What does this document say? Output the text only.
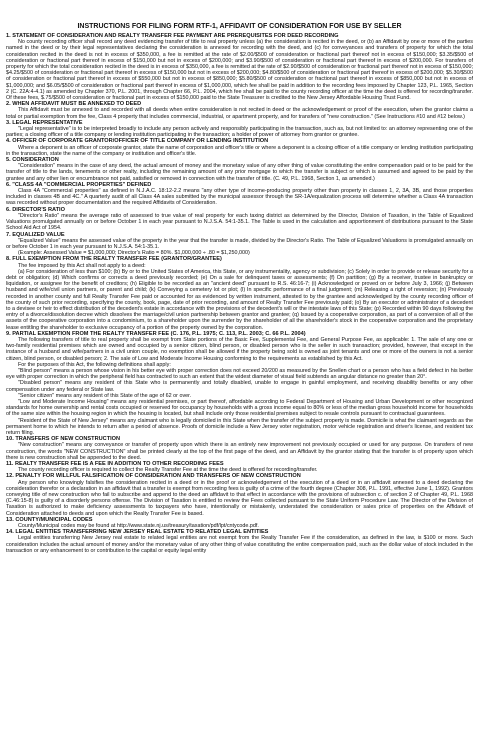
INSTRUCTIONS FOR FILING FORM RTF-1, AFFIDAVIT OF CONSIDERATION FOR USE BY SELLER
1. STATEMENT OF CONSIDERATION AND REALTY TRANSFER FEE PAYMENT ARE PREREQUISITES FOR DEED RECORDING
No county recording officer shall record any deed evidencing transfer of title to real property unless (a) the consideration is recited in the deed, or (b) an Affidavit by one or more of the parties named in the deed or by their legal representatives declaring the consideration is annexed for recording with the deed, and (c) for conveyances and transfers of property for which the total consideration recited in the deed is not in excess of $350,000, a fee is remitted at the rate of $2.00/$500 of consideration or fractional part thereof not in excess of $150,000; $3.35/$500 of consideration or fractional part thereof in excess of $150,000 but not in excess of $200,000; and $3.90/$500 of consideration or fractional part thereof in excess of $200,000. For transfers of property for which the total consideration recited in the deed is in excess of $350,000, a fee is remitted at the rate of $2.90/$500 of consideration or fractional part thereof not in excess of $150,000; $4.25/$500 of consideration or fractional part thereof in excess of $150,000 but not in excess of $200,000; $4.80/$500 of consideration or fractional part thereof in excess of $200,000; $5.30/$500 of consideration or fractional part thereof in excess of $550,000 but not in excess of $850,000; $5.80/$500 of consideration or fractional part thereof in excess of $850,000 but not in excess of $1,000,000; and $6.05/$500 of consideration or fractional part thereof in excess of $1,000,000, which fee shall be paid in addition to the recording fees imposed by Chapter 123, P.L. 1965, Section 2 (C. 22A:4-4.1) as amended by Chapter 370, P.L. 2001, through Chapter 66, P.L. 2004, which fee shall be paid to the county recording officer at the time the deed is offered for recording/transfer. Of these fees, $.75/$500 of consideration or fractional part in excess of $150,000 paid to the State Treasurer is credited to the New Jersey Affordable Housing Trust Fund.
2. WHEN AFFIDAVIT MUST BE ANNEXED TO DEED
This Affidavit must be annexed to and recorded with all deeds when entire consideration is not recited in deed or the acknowledgement or proof of the execution, when the grantor claims a total or partial exemption from the fee, Class 4 property that includes commercial, industrial, or apartment property, and for transfers of "new construction." (See Instructions #10 and #12 below.)
3. LEGAL REPRESENTATIVE
"Legal representative" is to be interpreted broadly to include any person actively and responsibly participating in the transaction, such as, but not limited to: an attorney representing one of the parties; a closing officer of a title company or lending institution participating in the transaction; a holder of power of attorney from grantor or grantee.
4. OFFICER OF CORPORATE GRANTOR/OFFICER OF TITLE COMPANY OR LENDING INSTITUTION
Where a deponent is an officer of corporate grantor, state the name of corporation and officer's title or where a deponent is a closing officer of a title company or lending institution participating in the transaction, state the name of the company or institution and officer's title.
5. CONSIDERATION
"Consideration" means in the case of any deed, the actual amount of money and the monetary value of any other thing of value constituting the entire compensation paid or to be paid for the transfer of title to the lands, tenements or other realty, including the remaining amount of any prior mortgage to which the transfer is subject or which is assumed and agreed to be paid by the grantee and any other lien or encumbrance not paid, satisfied or removed in connection with the transfer of title. (C. 49, P.L. 1968, Section 1, as amended.)
6. "CLASS 4A "COMMERCIAL PROPERTIES" DEFINED
Class 4A "Commercial properties" as defined in N.J.A.C. 18:12-2.2 means "any other type of income-producing property other than property in classes 1, 2, 3A, 3B, and those properties included in classes 4B and 4C." A quarterly audit of all Class 4A sales submitted by the municipal assessor through the SR-1A/equalization process will determine whether a Class 4A transaction was recorded without proper documentation and the required Affidavits of Consideration.
6. DIRECTOR'S RATIO
"Director's Ratio" means the average ratio of assessed to true value of real property for each taxing district as determined by the Director, Division of Taxation, in the Table of Equalized Valuations promulgated annually on or before October 1 in each year pursuant to N.J.S.A. 54:1-35.1. The Table is used in the calculation and apportionment of distributions pursuant to the State School Aid Act of 1954.
7. EQUALIZED VALUE
"Equalized Value" means the assessed value of the property in the year that the transfer is made, divided by the Director's Ratio. The Table of Equalized Valuations is promulgated annually on or before October 1 in each year pursuant to N.J.S.A. 54:1-35.1.
(Example: Assessed Value = $1,000,000; Director's Ratio = 80%. $1,000,000 ÷ .80 = $1,250,000)
8. FULL EXEMPTION FROM THE REALTY TRANSFER FEE (GRANTOR/GRANTEE)
The fee imposed by this Act shall not apply to a deed:
(a) For consideration of less than $100; (b) By or to the United States of America, this State, or any instrumentality, agency or subdivision; (c) Solely in order to provide or release security for a debt or obligation; (d) Which confirms or corrects a deed previously recorded; (e) On a sale for delinquent taxes or assessments; (f) On partition; (g) By a receiver, trustee in bankruptcy or liquidation, or assignee for the benefit of creditors; (h) Eligible to be recorded as an "ancient deed" pursuant to R.S. 46:16-7; (i) Acknowledged or proved on or before July 3, 1966; (j) Between husband and wife/civil union partners, or parent and child; (k) Conveying a cemetery lot or plot; (l) In specific performance of a final judgment; (m) Releasing a right of reversion; (n) Previously recorded in another county and full Realty Transfer Fee paid or accounted for as evidenced by written instrument, attested to by the grantee and acknowledged by the county recording officer of the county of such prior recording, specifying the county, book, page, date of prior recording, and amount of Realty Transfer Fee previously paid; (o) By an executor or administrator of a decedent to a devisee or heir to effect distribution of the decedent's estate in accordance with the provisions of the decedent's will or the intestate laws of this State; (p) Recorded within 90 days following the entry of a divorce/dissolution decree which dissolves the marriage/civil union partnership between grantor and grantee; (q) Issued by a cooperative corporation, as part of a conversion of all of the assets of the cooperative corporation into a condominium, to a shareholder upon the surrender by the shareholder of all the shareholder's stock in the cooperative corporation and the proprietary lease entitling the shareholder to exclusive occupancy of a portion of the property owned by the corporation.
9. PARTIAL EXEMPTION FROM THE REALTY TRANSFER FEE (C. 176, P.L. 1975; C. 113, P.L. 2003; C. 66 P.L. 2004)
The following transfers of title to real property shall be exempt from State portions of the Basic Fee, Supplemental Fee, and General Purpose Fee, as applicable: 1. The sale of any one or two-family residential premises which are owned and occupied by a senior citizen, blind person, or disabled person who is the seller in such transaction; provided, however, that except in the instance of a husband and wife/partners in a civil union couple, no exemption shall be allowed if the property being sold is owned as joint tenants and one or more of the owners is not a senior citizen, blind person, or disabled person; 2. The sale of Low and Moderate Income Housing conforming to the requirements as established by this Act.
For the purposes of this Act, the following definitions shall apply:
"Blind person" means a person whose vision in his better eye with proper correction does not exceed 20/200 as measured by the Snellen chart or a person who has a field defect in his better eye with proper correction in which the peripheral field has contracted to such an extent that the widest diameter of visual field subtends an angular distance no greater than 20°.
"Disabled person" means any resident of this State who is permanently and totally disabled, unable to engage in gainful employment, and receiving disability benefits or any other compensation under any federal or State law.
"Senior citizen" means any resident of this State of the age of 62 or over.
"Low and Moderate Income Housing" means any residential premises, or part thereof, affordable according to Federal Department of Housing and Urban Development or other recognized standards for home ownership and rental costs occupied or reserved for occupancy by households with a gross income equal to 80% or less of the median gross household income for households of the same size within the housing region in which the housing is located, but shall include only those residential premises subject to resale controls pursuant to contractual guarantees.
"Resident of the State of New Jersey" means any claimant who is legally domiciled in this State when the transfer of the subject property is made. Domicile is what the claimant regards as the permanent home to which he intends to return after a period of absence. Proofs of domicile include a New Jersey voter registration, motor vehicle registration and driver's license, and resident tax return filing.
10. TRANSFERS OF NEW CONSTRUCTION
"New construction" means any conveyance or transfer of property upon which there is an entirely new improvement not previously occupied or used for any purpose. On transfers of new construction, the words "NEW CONSTRUCTION" shall be printed clearly at the top of the first page of the deed, and an Affidavit by the grantor stating that the transfer is of property upon which there is new construction shall be appended to the deed.
11. REALTY TRANSFER FEE IS A FEE IN ADDITION TO OTHER RECORDING FEES
The county recording officer is required to collect the Realty Transfer Fee at the time the deed is offered for recording/transfer.
12. PENALTY FOR WILLFUL FALSIFICATION OF CONSIDERATION AND TRANSFERS OF NEW CONSTRUCTION
Any person who knowingly falsifies the consideration recited in a deed or in the proof or acknowledgement of the execution of a deed or in an affidavit annexed to a deed declaring the consideration therefor or a declaration in an affidavit that a transfer is exempt from recording fees is guilty of a crime of the fourth degree (Chapter 308, P.L. 1991, effective June 1, 1992). Grantors conveying title of new construction who fail to subscribe and append to the deed an affidavit to that effect in accordance with the provisions of subsection c. of section 2 of Chapter 49, P.L. 1968 (C.46:15-8) is guilty of a disorderly persons offense. The Division of Taxation is entitled to review the Fees collected pursuant to the State Uniform Procedure Law. The Director of the Division of Taxation is authorized to make deficiency assessments to taxpayers who have, intentionally or mistakenly, understated the consideration or sales price of properties on the Affidavit of Consideration attached to deeds and upon which the Realty Transfer Fee is based.
13. COUNTY/MUNICIPAL CODES
County/Municipal codes may be found at http://www.state.nj.us/treasury/taxation/pdf/lpt/cntycode.pdf.
14. LEGAL ENTITIES TRANSFERRING NEW JERSEY REAL ESTATE TO RELATED LEGAL ENTITIES
Legal entities transferring New Jersey real estate to related legal entities are not exempt from the Realty Transfer Fee if the consideration, as defined in the law, is $100 or more. Such consideration includes the actual amount of money and/or the monetary value of any other thing of value constituting the entire compensation paid, such as the dollar value of stock included in the transaction or any enhancement to or contribution to the capital or equity legal entity
